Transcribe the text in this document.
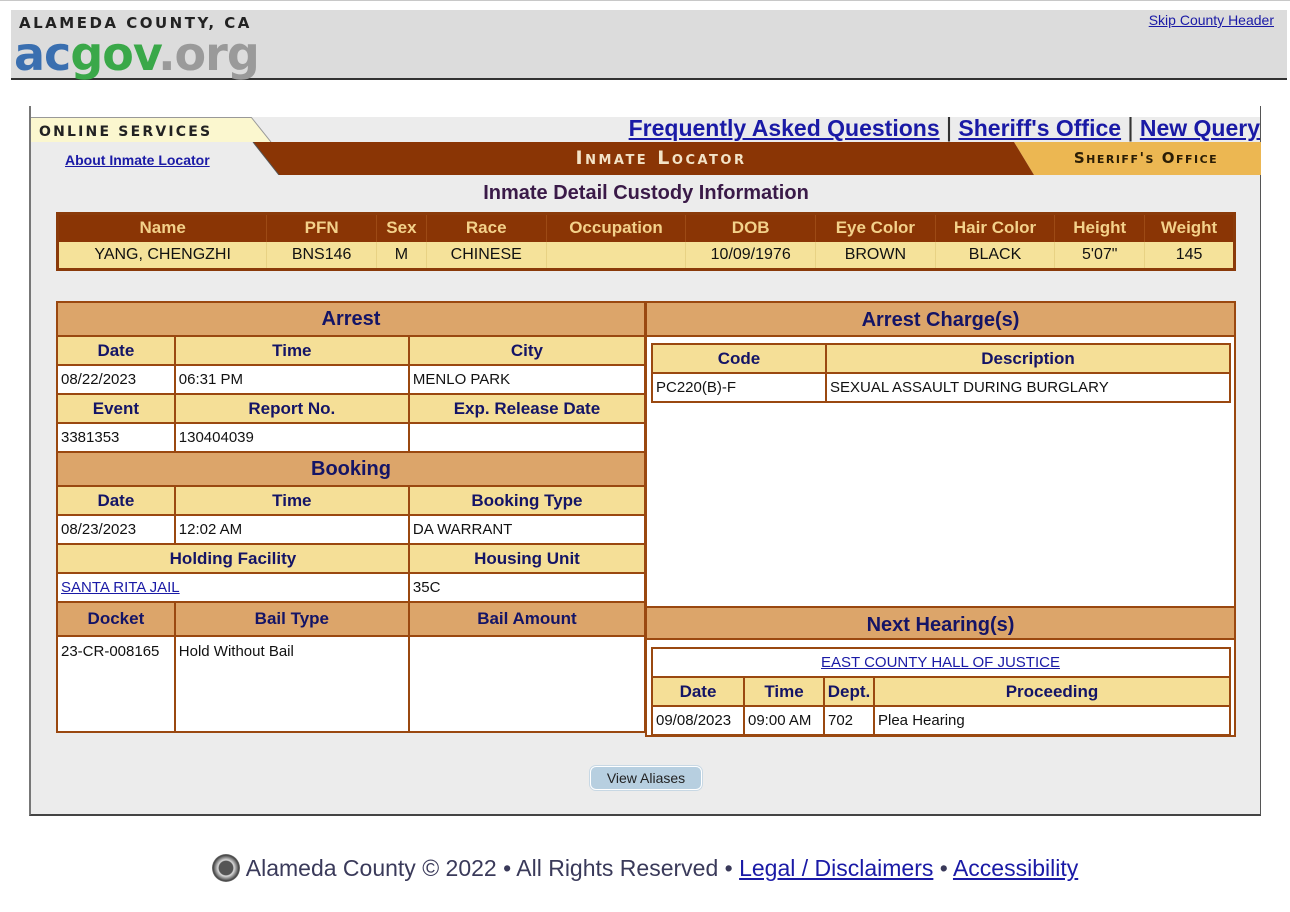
ALAMEDA COUNTY, CA
acgov.org
Skip County Header
ONLINE SERVICES	Frequently Asked Questions | Sheriff's Office | New Query
Inmate Locator	Sheriff's Office
About Inmate Locator
Inmate Detail Custody Information
Name	PFN	Sex	Race	Occupation	DOB	Eye Color	Hair Color	Height	Weight
YANG, CHENGZHI	BNS146	M	CHINESE		10/09/1976	BROWN	BLACK	5'07"	145
Arrest		
Date	Time	City
08/22/2023	06:31 PM	MENLO PARK
Event	Report No.	Exp. Release Date
3381353	130404039	
Booking		
Date	Time	Booking Type
08/23/2023	12:02 AM	DA WARRANT
Holding Facility		Housing Unit
SANTA RITA JAIL		35C
Docket	Bail Type	Bail Amount
23-CR-008165	Hold Without Bail	
Arrest Charge(s)
Code	Description
PC220(B)-F	SEXUAL ASSAULT DURING BURGLARY
Next Hearing(s)
EAST COUNTY HALL OF JUSTICE			
Date	Time	Dept.	Proceeding
09/08/2023	09:00 AM	702	Plea Hearing
View Aliases
Alameda County © 2022 • All Rights Reserved • Legal / Disclaimers • Accessibility
